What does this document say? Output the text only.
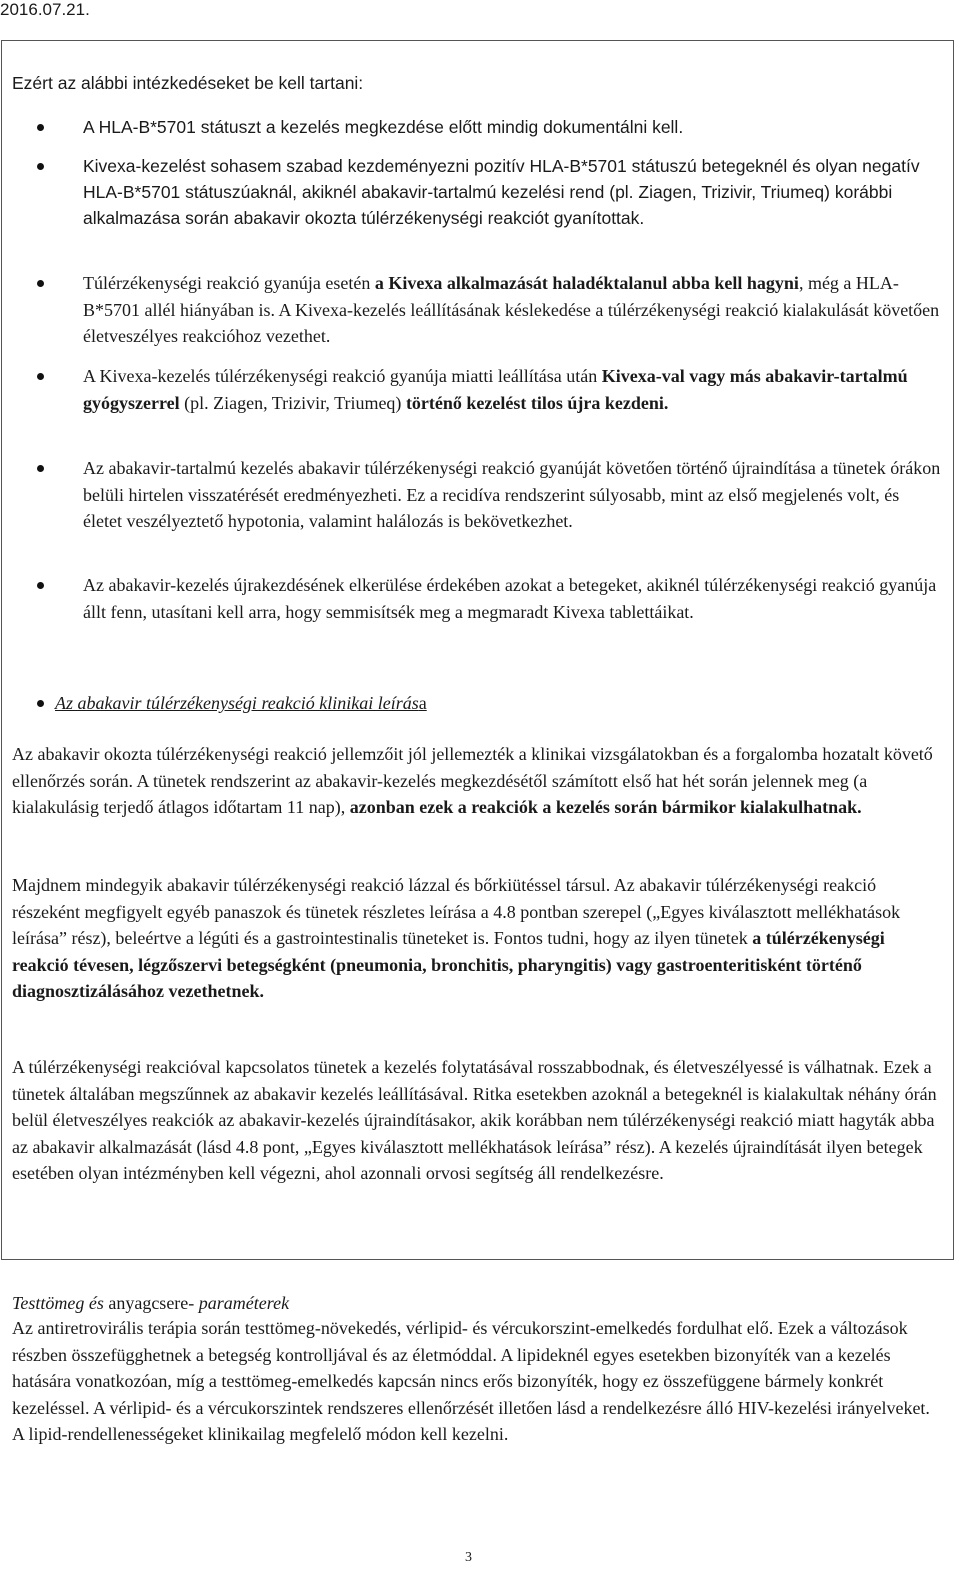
2016.07.21.
Ezért az alábbi intézkedéseket be kell tartani:
A HLA-B*5701 státuszt a kezelés megkezdése előtt mindig dokumentálni kell.
Kivexa-kezelést sohasem szabad kezdeményezni pozitív HLA-B*5701 státuszú betegeknél és olyan negatív HLA-B*5701 státuszúaknál, akiknél abakavir-tartalmú kezelési rend (pl. Ziagen, Trizivir, Triumeq) korábbi alkalmazása során abakavir okozta túlérzékenységi reakciót gyanítottak.

Túlérzékenységi reakció gyanúja esetén a Kivexa alkalmazását haladéktalanul abba kell hagyni, még a HLA-B*5701 allél hiányában is. A Kivexa-kezelés leállításának késlekedése a túlérzékenységi reakció kialakulását követően életveszélyes reakcióhoz vezethet.

A Kivexa-kezelés túlérzékenységi reakció gyanúja miatti leállítása után Kivexa-val vagy más abakavir-tartalmú gyógyszerrel (pl. Ziagen, Trizivir, Triumeq) történő kezelést tilos újra kezdeni.

Az abakavir-tartalmú kezelés abakavir túlérzékenységi reakció gyanúját követően történő újraindítása a tünetek órákon belüli hirtelen visszatérését eredményezheti. Ez a recidíva rendszerint súlyosabb, mint az első megjelenés volt, és életet veszélyeztető hypotonia, valamint halálozás is bekövetkezhet.
Az abakavir-kezelés újrakezdésének elkerülése érdekében azokat a betegeket, akiknél túlérzékenységi reakció gyanúja állt fenn, utasítani kell arra, hogy semmisítsék meg a megmaradt Kivexa tablettáikat.

Az abakavir túlérzékenységi reakció klinikai leírása

Az abakavir okozta túlérzékenységi reakció jellemzőit jól jellemezték a klinikai vizsgálatokban és a forgalomba hozatalt követő ellenőrzés során. A tünetek rendszerint az abakavir-kezelés megkezdésétől számított első hat hét során jelennek meg (a kialakulásig terjedő átlagos időtartam 11 nap), azonban ezek a reakciók a kezelés során bármikor kialakulhatnak.

Majdnem mindegyik abakavir túlérzékenységi reakció lázzal és bőrkiütéssel társul. Az abakavir túlérzékenységi reakció részeként megfigyelt egyéb panaszok és tünetek részletes leírása a 4.8 pontban szerepel („Egyes kiválasztott mellékhatások leírása” rész), beleértve a légúti és a gastrointestinalis tüneteket is. Fontos tudni, hogy az ilyen tünetek a túlérzékenységi reakció tévesen, légzőszervi betegségként (pneumonia, bronchitis, pharyngitis) vagy gastroenteritisként történő diagnosztizálásához vezethetnek.

A túlérzékenységi reakcióval kapcsolatos tünetek a kezelés folytatásával rosszabbodnak, és életveszélyessé is válhatnak. Ezek a tünetek általában megszűnnek az abakavir kezelés leállításával. Ritka esetekben azoknál a betegeknél is kialakultak néhány órán belül életveszélyes reakciók az abakavir-kezelés újraindításakor, akik korábban nem túlérzékenységi reakció miatt hagyták abba az abakavir alkalmazását (lásd 4.8 pont, „Egyes kiválasztott mellékhatások leírása” rész). A kezelés újraindítását ilyen betegek esetében olyan intézményben kell végezni, ahol azonnali orvosi segítség áll rendelkezésre.

Testtömeg és anyagcsere- paraméterek

Az antiretrovirális terápia során testtömeg-növekedés, vérlipid- és vércukorszint-emelkedés fordulhat elő. Ezek a változások részben összefügghetnek a betegség kontrolljával és az életmóddal. A lipideknél egyes esetekben bizonyíték van a kezelés hatására vonatkozóan, míg a testtömeg-emelkedés kapcsán nincs erős bizonyíték, hogy ez összefüggene bármely konkrét kezeléssel. A vérlipid- és a vércukorszintek rendszeres ellenőrzését illetően lásd a rendelkezésre álló HIV-kezelési irányelveket. A lipid-rendellenességeket klinikailag megfelelő módon kell kezelni.
3
